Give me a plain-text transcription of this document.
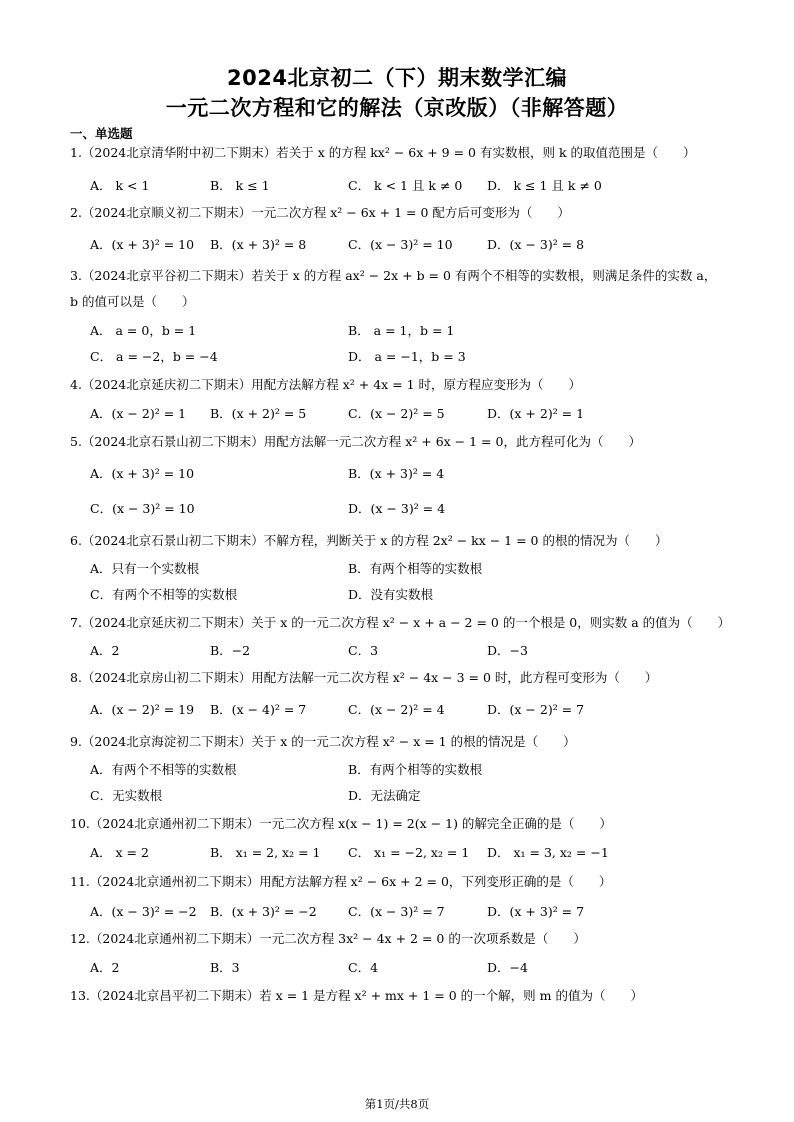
2024北京初二（下）期末数学汇编
一元二次方程和它的解法（京改版）（非解答题）
一、单选题
1.（2024北京清华附中初二下期末）若关于 x 的方程 kx² − 6x + 9 = 0 有实数根，则 k 的取值范围是（　　）
A． k < 1	B． k ≤ 1	C． k < 1 且 k ≠ 0 D． k ≤ 1 且 k ≠ 0
2.（2024北京顺义初二下期末）一元二次方程 x² − 6x + 1 = 0 配方后可变形为（　　）
A．(x + 3)² = 10 B．(x + 3)² = 8	C．(x − 3)² = 10	D．(x − 3)² = 8
3.（2024北京平谷初二下期末）若关于 x 的方程 ax² − 2x + b = 0 有两个不相等的实数根，则满足条件的实数 a，
b 的值可以是（　　）
A． a = 0，b = 1	B． a = 1，b = 1
C． a = −2，b = −4	D． a = −1，b = 3
4.（2024北京延庆初二下期末）用配方法解方程 x² + 4x = 1 时，原方程应变形为（　　）
A．(x − 2)² = 1 B．(x + 2)² = 5	C．(x − 2)² = 5	D．(x + 2)² = 1
5.（2024北京石景山初二下期末）用配方法解一元二次方程 x² + 6x − 1 = 0，此方程可化为（　　）
A．(x + 3)² = 10	B．(x + 3)² = 4
C．(x − 3)² = 10	D．(x − 3)² = 4
6.（2024北京石景山初二下期末）不解方程，判断关于 x 的方程 2x² − kx − 1 = 0 的根的情况为（　　）
A．只有一个实数根	B．有两个相等的实数根
C．有两个不相等的实数根	D．没有实数根
7.（2024北京延庆初二下期末）关于 x 的一元二次方程 x² − x + a − 2 = 0 的一个根是 0，则实数 a 的值为（　　）
A．2	B．−2	C．3	D．−3
8.（2024北京房山初二下期末）用配方法解一元二次方程 x² − 4x − 3 = 0 时，此方程可变形为（　　）
A．(x − 2)² = 19 B．(x − 4)² = 7	C．(x − 2)² = 4	D．(x − 2)² = 7
9.（2024北京海淀初二下期末）关于 x 的一元二次方程 x² − x = 1 的根的情况是（　　）
A．有两个不相等的实数根	B．有两个相等的实数根
C．无实数根	D．无法确定
10.（2024北京通州初二下期末）一元二次方程 x(x − 1) = 2(x − 1) 的解完全正确的是（　　）
A． x = 2	B． x₁ = 2, x₂ = 1 C． x₁ = −2, x₂ = 1 D． x₁ = 3, x₂ = −1
11.（2024北京通州初二下期末）用配方法解方程 x² − 6x + 2 = 0，下列变形正确的是（　　）
A．(x − 3)² = −2 B．(x + 3)² = −2	C．(x − 3)² = 7	D．(x + 3)² = 7
12.（2024北京通州初二下期末）一元二次方程 3x² − 4x + 2 = 0 的一次项系数是（　　）
A．2	B．3	C．4	D．−4
13.（2024北京昌平初二下期末）若 x = 1 是方程 x² + mx + 1 = 0 的一个解，则 m 的值为（　　）
第1页/共8页
